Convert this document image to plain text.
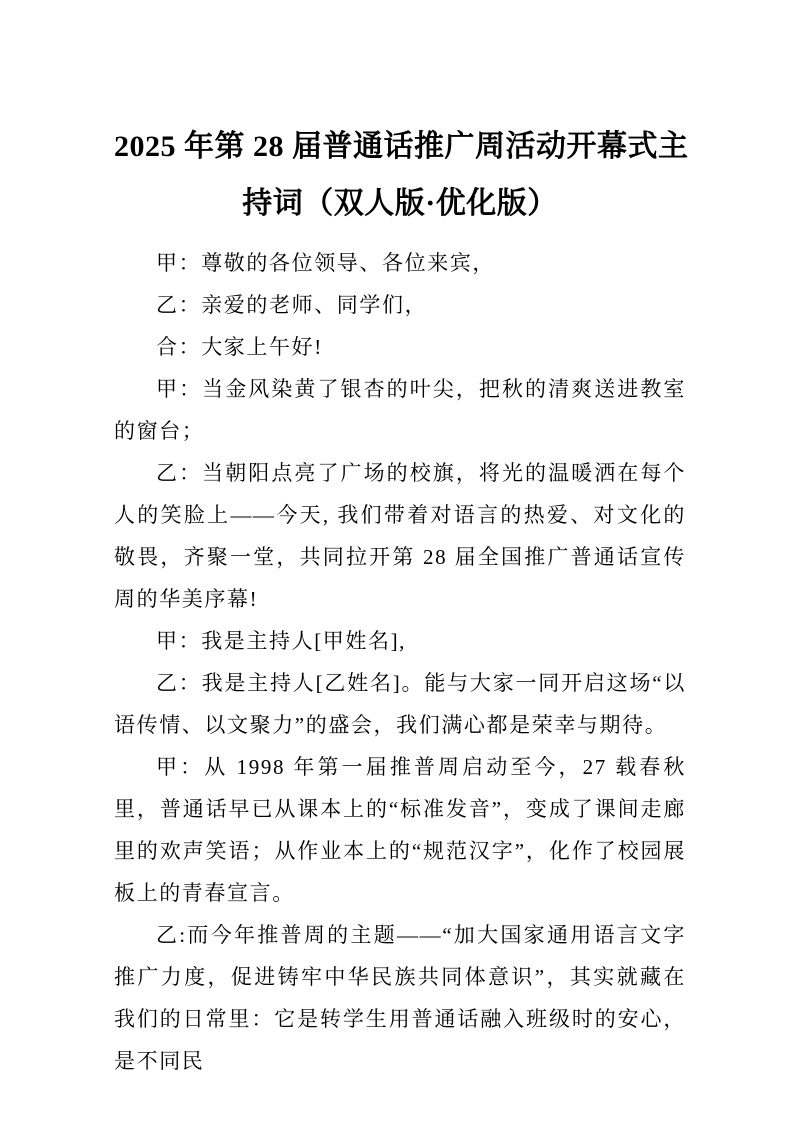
2025 年第 28 届普通话推广周活动开幕式主
持词（双人版·优化版）

甲：尊敬的各位领导、各位来宾，

乙：亲爱的老师、同学们，

合：大家上午好!

甲：当金风染黄了银杏的叶尖，把秋的清爽送进教室的窗台；

乙：当朝阳点亮了广场的校旗，将光的温暖洒在每个人的笑脸上——今天, 我们带着对语言的热爱、对文化的敬畏，齐聚一堂，共同拉开第 28 届全国推广普通话宣传周的华美序幕!

甲：我是主持人[甲姓名],

乙：我是主持人[乙姓名]。能与大家一同开启这场“以语传情、以文聚力”的盛会，我们满心都是荣幸与期待。

甲：从 1998 年第一届推普周启动至今，27 载春秋里，普通话早已从课本上的“标准发音”，变成了课间走廊里的欢声笑语；从作业本上的“规范汉字”，化作了校园展板上的青春宣言。

乙:而今年推普周的主题——“加大国家通用语言文字推广力度，促进铸牢中华民族共同体意识”，其实就藏在我们的日常里：它是转学生用普通话融入班级时的安心，是不同民
